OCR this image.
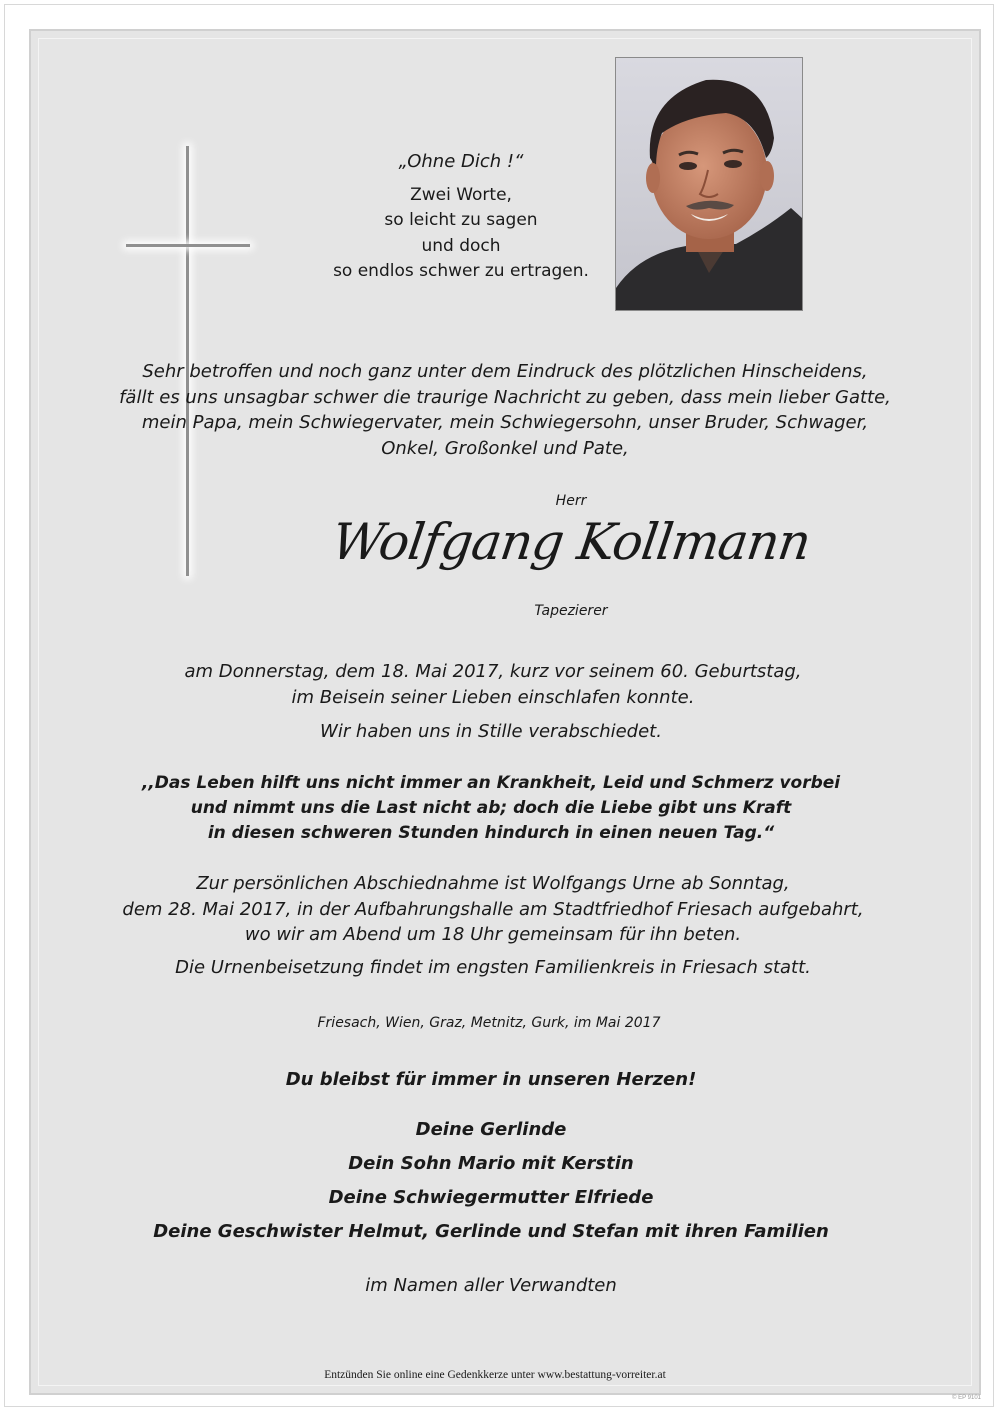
„Ohne Dich !“
Zwei Worte,
so leicht zu sagen
und doch
so endlos schwer zu ertragen.
Sehr betroffen und noch ganz unter dem Eindruck des plötzlichen Hinscheidens,
fällt es uns unsagbar schwer die traurige Nachricht zu geben, dass mein lieber Gatte,
mein Papa, mein Schwiegervater, mein Schwiegersohn, unser Bruder, Schwager,
Onkel, Großonkel und Pate,
Herr
Wolfgang Kollmann
Tapezierer
am Donnerstag, dem 18. Mai 2017, kurz vor seinem 60. Geburtstag,
im Beisein seiner Lieben einschlafen konnte.
Wir haben uns in Stille verabschiedet.
,,Das Leben hilft uns nicht immer an Krankheit, Leid und Schmerz vorbei
und nimmt uns die Last nicht ab; doch die Liebe gibt uns Kraft
in diesen schweren Stunden hindurch in einen neuen Tag.“
Zur persönlichen Abschiednahme ist Wolfgangs Urne ab Sonntag,
dem 28. Mai 2017, in der Aufbahrungshalle am Stadtfriedhof Friesach aufgebahrt,
wo wir am Abend um 18 Uhr gemeinsam für ihn beten.
Die Urnenbeisetzung findet im engsten Familienkreis in Friesach statt.
Friesach, Wien, Graz, Metnitz, Gurk, im Mai 2017
Du bleibst für immer in unseren Herzen!
Deine Gerlinde
Dein Sohn Mario mit Kerstin
Deine Schwiegermutter Elfriede
Deine Geschwister Helmut, Gerlinde und Stefan mit ihren Familien
im Namen aller Verwandten
Entzünden Sie online eine Gedenkkerze unter www.bestattung-vorreiter.at
© EP 9101
